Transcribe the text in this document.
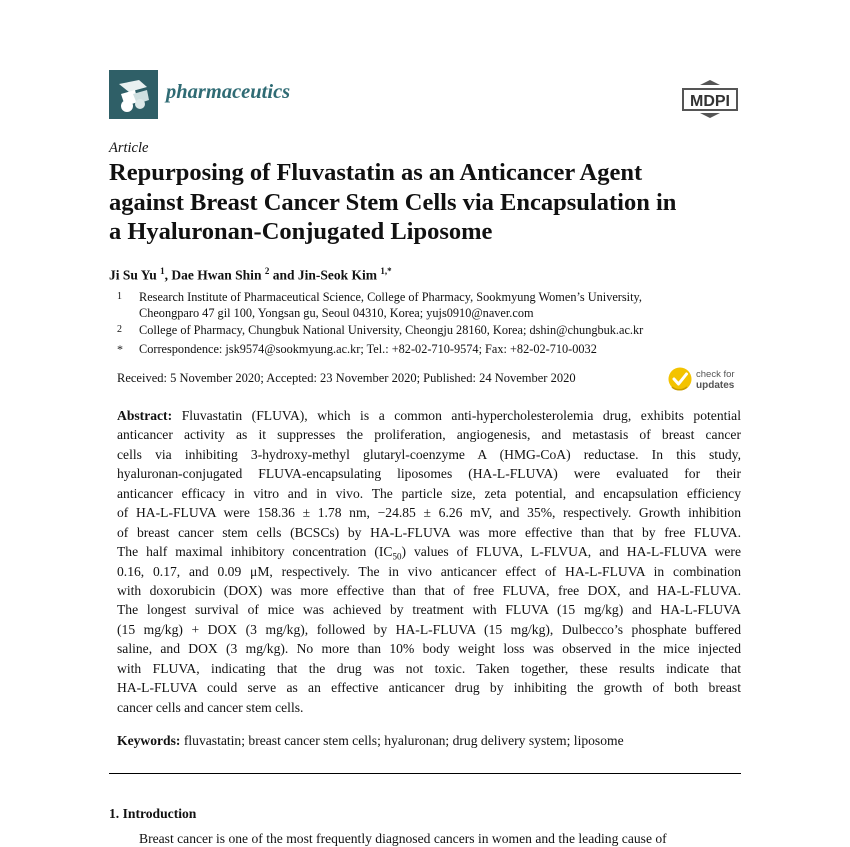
pharmaceutics	MDPI
Article
Repurposing of Fluvastatin as an Anticancer Agent
against Breast Cancer Stem Cells via Encapsulation in
a Hyaluronan-Conjugated Liposome
Ji Su Yu $^1$, Dae Hwan Shin $^2$ and Jin-Seok Kim $^{1,*}$
1	Research Institute of Pharmaceutical Science, College of Pharmacy, Sookmyung Women’s University,
Cheongparo 47 gil 100, Yongsan gu, Seoul 04310, Korea; yujs0910@naver.com
2	College of Pharmacy, Chungbuk National University, Cheongju 28160, Korea; dshin@chungbuk.ac.kr
*	Correspondence: jsk9574@sookmyung.ac.kr; Tel.: +82-02-710-9574; Fax: +82-02-710-0032
Received: 5 November 2020; Accepted: 23 November 2020; Published: 24 November 2020	check for
updates
Abstract: Fluvastatin (FLUVA), which is a common anti-hypercholesterolemia drug, exhibits potential
anticancer activity as it suppresses the proliferation, angiogenesis, and metastasis of breast cancer
cells via inhibiting 3-hydroxy-methyl glutaryl-coenzyme A (HMG-CoA) reductase. In this study,
hyaluronan-conjugated FLUVA-encapsulating liposomes (HA-L-FLUVA) were evaluated for their
anticancer efficacy in vitro and in vivo. The particle size, zeta potential, and encapsulation efficiency
of HA-L-FLUVA were 158.36 ± 1.78 nm, −24.85 ± 6.26 mV, and 35%, respectively. Growth inhibition
of breast cancer stem cells (BCSCs) by HA-L-FLUVA was more effective than that by free FLUVA.
The half maximal inhibitory concentration $(IC_{50})$ values of FLUVA, L-FLVUA, and HA-L-FLUVA were
0.16, 0.17, and 0.09 μM, respectively. The in vivo anticancer effect of HA-L-FLUVA in combination
with doxorubicin (DOX) was more effective than that of free FLUVA, free DOX, and HA-L-FLUVA.
The longest survival of mice was achieved by treatment with FLUVA (15 mg/kg) and HA-L-FLUVA
(15 mg/kg) + DOX (3 mg/kg), followed by HA-L-FLUVA (15 mg/kg), Dulbecco’s phosphate buffered
saline, and DOX (3 mg/kg). No more than 10% body weight loss was observed in the mice injected
with FLUVA, indicating that the drug was not toxic. Taken together, these results indicate that
HA-L-FLUVA could serve as an effective anticancer drug by inhibiting the growth of both breast
cancer cells and cancer stem cells.
Keywords: fluvastatin; breast cancer stem cells; hyaluronan; drug delivery system; liposome
1. Introduction
Breast cancer is one of the most frequently diagnosed cancers in women and the leading cause of
